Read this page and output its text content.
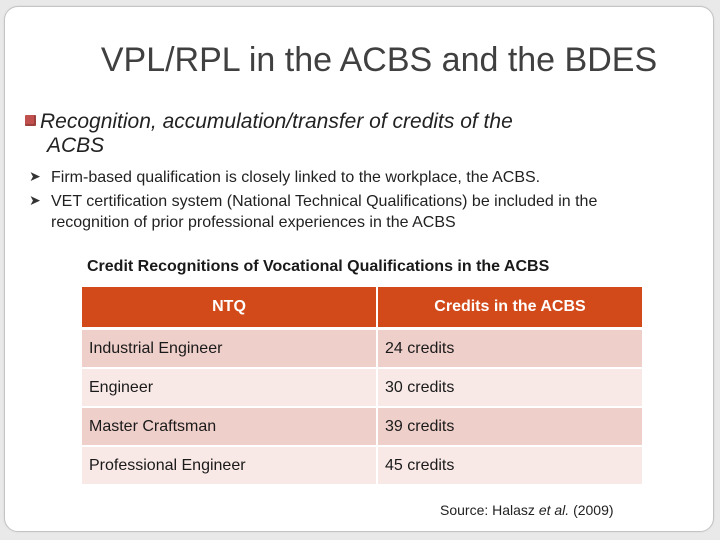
VPL/RPL in the ACBS and the BDES
Recognition, accumulation/transfer of credits of the
ACBS
➤ Firm-based qualification is closely linked to the workplace, the ACBS.
➤ VET certification system (National Technical Qualifications) be included in the recognition of prior professional experiences in the ACBS
Credit Recognitions of Vocational Qualifications in the ACBS
NTQ	Credits in the ACBS
Industrial Engineer	24 credits
Engineer	30 credits
Master Craftsman	39 credits
Professional Engineer	45 credits
Source: Halasz et al. (2009)
